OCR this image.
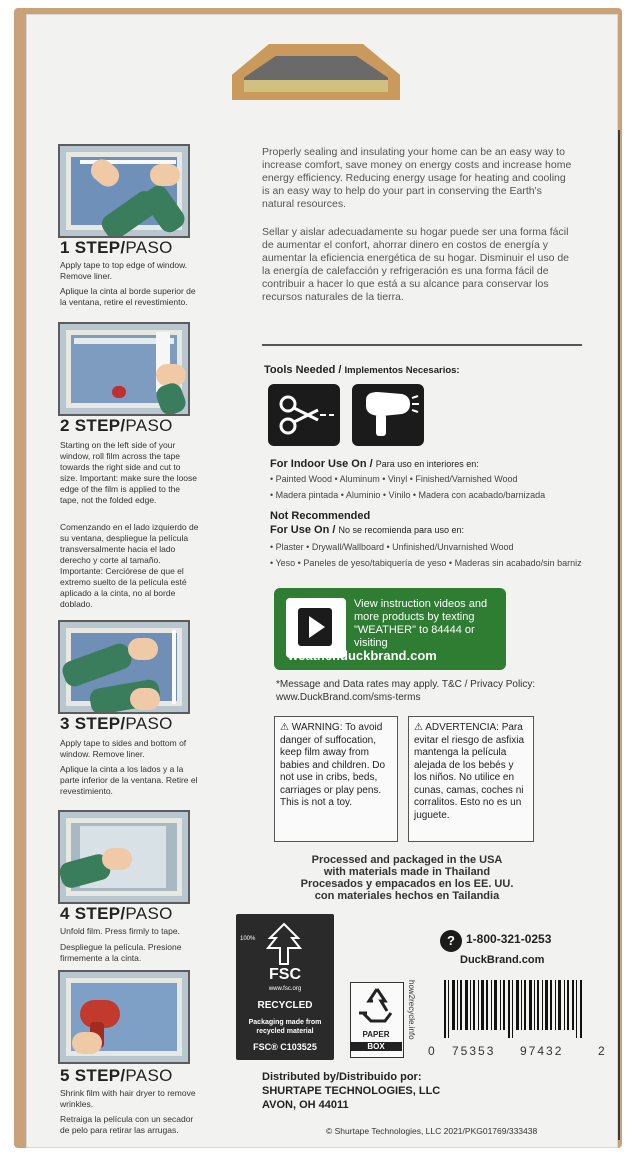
1 STEP/PASO
Apply tape to top edge of window. Remove liner.
Aplique la cinta al borde superior de la ventana, retire el revestimiento.
2 STEP/PASO
Starting on the left side of your window, roll film across the tape towards the right side and cut to size. Important: make sure the loose edge of the film is applied to the tape, not the folded edge.
Comenzando en el lado izquierdo de su ventana, despliegue la película transversalmente hacia el lado derecho y corte al tamaño. Importante: Cerciórese de que el extremo suelto de la película esté aplicado a la cinta, no al borde doblado.
3 STEP/PASO
Apply tape to sides and bottom of window. Remove liner.
Aplique la cinta a los lados y a la parte inferior de la ventana. Retire el revestimiento.
4 STEP/PASO
Unfold film. Press firmly to tape.
Despliegue la película. Presione firmemente a la cinta.
5 STEP/PASO
Shrink film with hair dryer to remove wrinkles.
Retraiga la película con un secador de pelo para retirar las arrugas.
Properly sealing and insulating your home can be an easy way to increase comfort, save money on energy costs and increase home energy efficiency. Reducing energy usage for heating and cooling is an easy way to help do your part in conserving the Earth's natural resources.
Sellar y aislar adecuadamente su hogar puede ser una forma fácil de aumentar el confort, ahorrar dinero en costos de energía y aumentar la eficiencia energética de su hogar. Disminuir el uso de la energía de calefacción y refrigeración es una forma fácil de contribuir a hacer lo que está a su alcance para conservar los recursos naturales de la tierra.
Tools Needed / Implementos Necesarios:
For Indoor Use On / Para uso en interiores en:
• Painted Wood • Aluminum • Vinyl • Finished/Varnished Wood
• Madera pintada • Aluminio • Vinilo • Madera con acabado/barnizada
Not Recommended
For Use On / No se recomienda para uso en:
• Plaster • Drywall/Wallboard • Unfinished/Unvarnished Wood
• Yeso • Paneles de yeso/tabiquería de yeso • Maderas sin acabado/sin barniz
View instruction videos and more products by texting "WEATHER" to 84444 or visiting
weather.duckbrand.com
*Message and Data rates may apply. T&C / Privacy Policy: www.DuckBrand.com/sms-terms
⚠ WARNING: To avoid danger of suffocation, keep film away from babies and children. Do not use in cribs, beds, carriages or play pens. This is not a toy.
⚠ ADVERTENCIA: Para evitar el riesgo de asfixia mantenga la película alejada de los bebés y los niños. No utilice en cunas, camas, coches ni corralitos. Esto no es un juguete.
Processed and packaged in the USA
with materials made in Thailand
Procesados y empacados en los EE. UU.
con materiales hechos en Tailandia
100%
FSC
www.fsc.org
RECYCLED
Packaging made from recycled material
FSC® C103525
PAPER
BOX
how2recycle.info
? 1-800-321-0253
DuckBrand.com
0 75353 97432	2
Distributed by/Distribuido por:
SHURTAPE TECHNOLOGIES, LLC
AVON, OH 44011
© Shurtape Technologies, LLC 2021/PKG01769/333438
